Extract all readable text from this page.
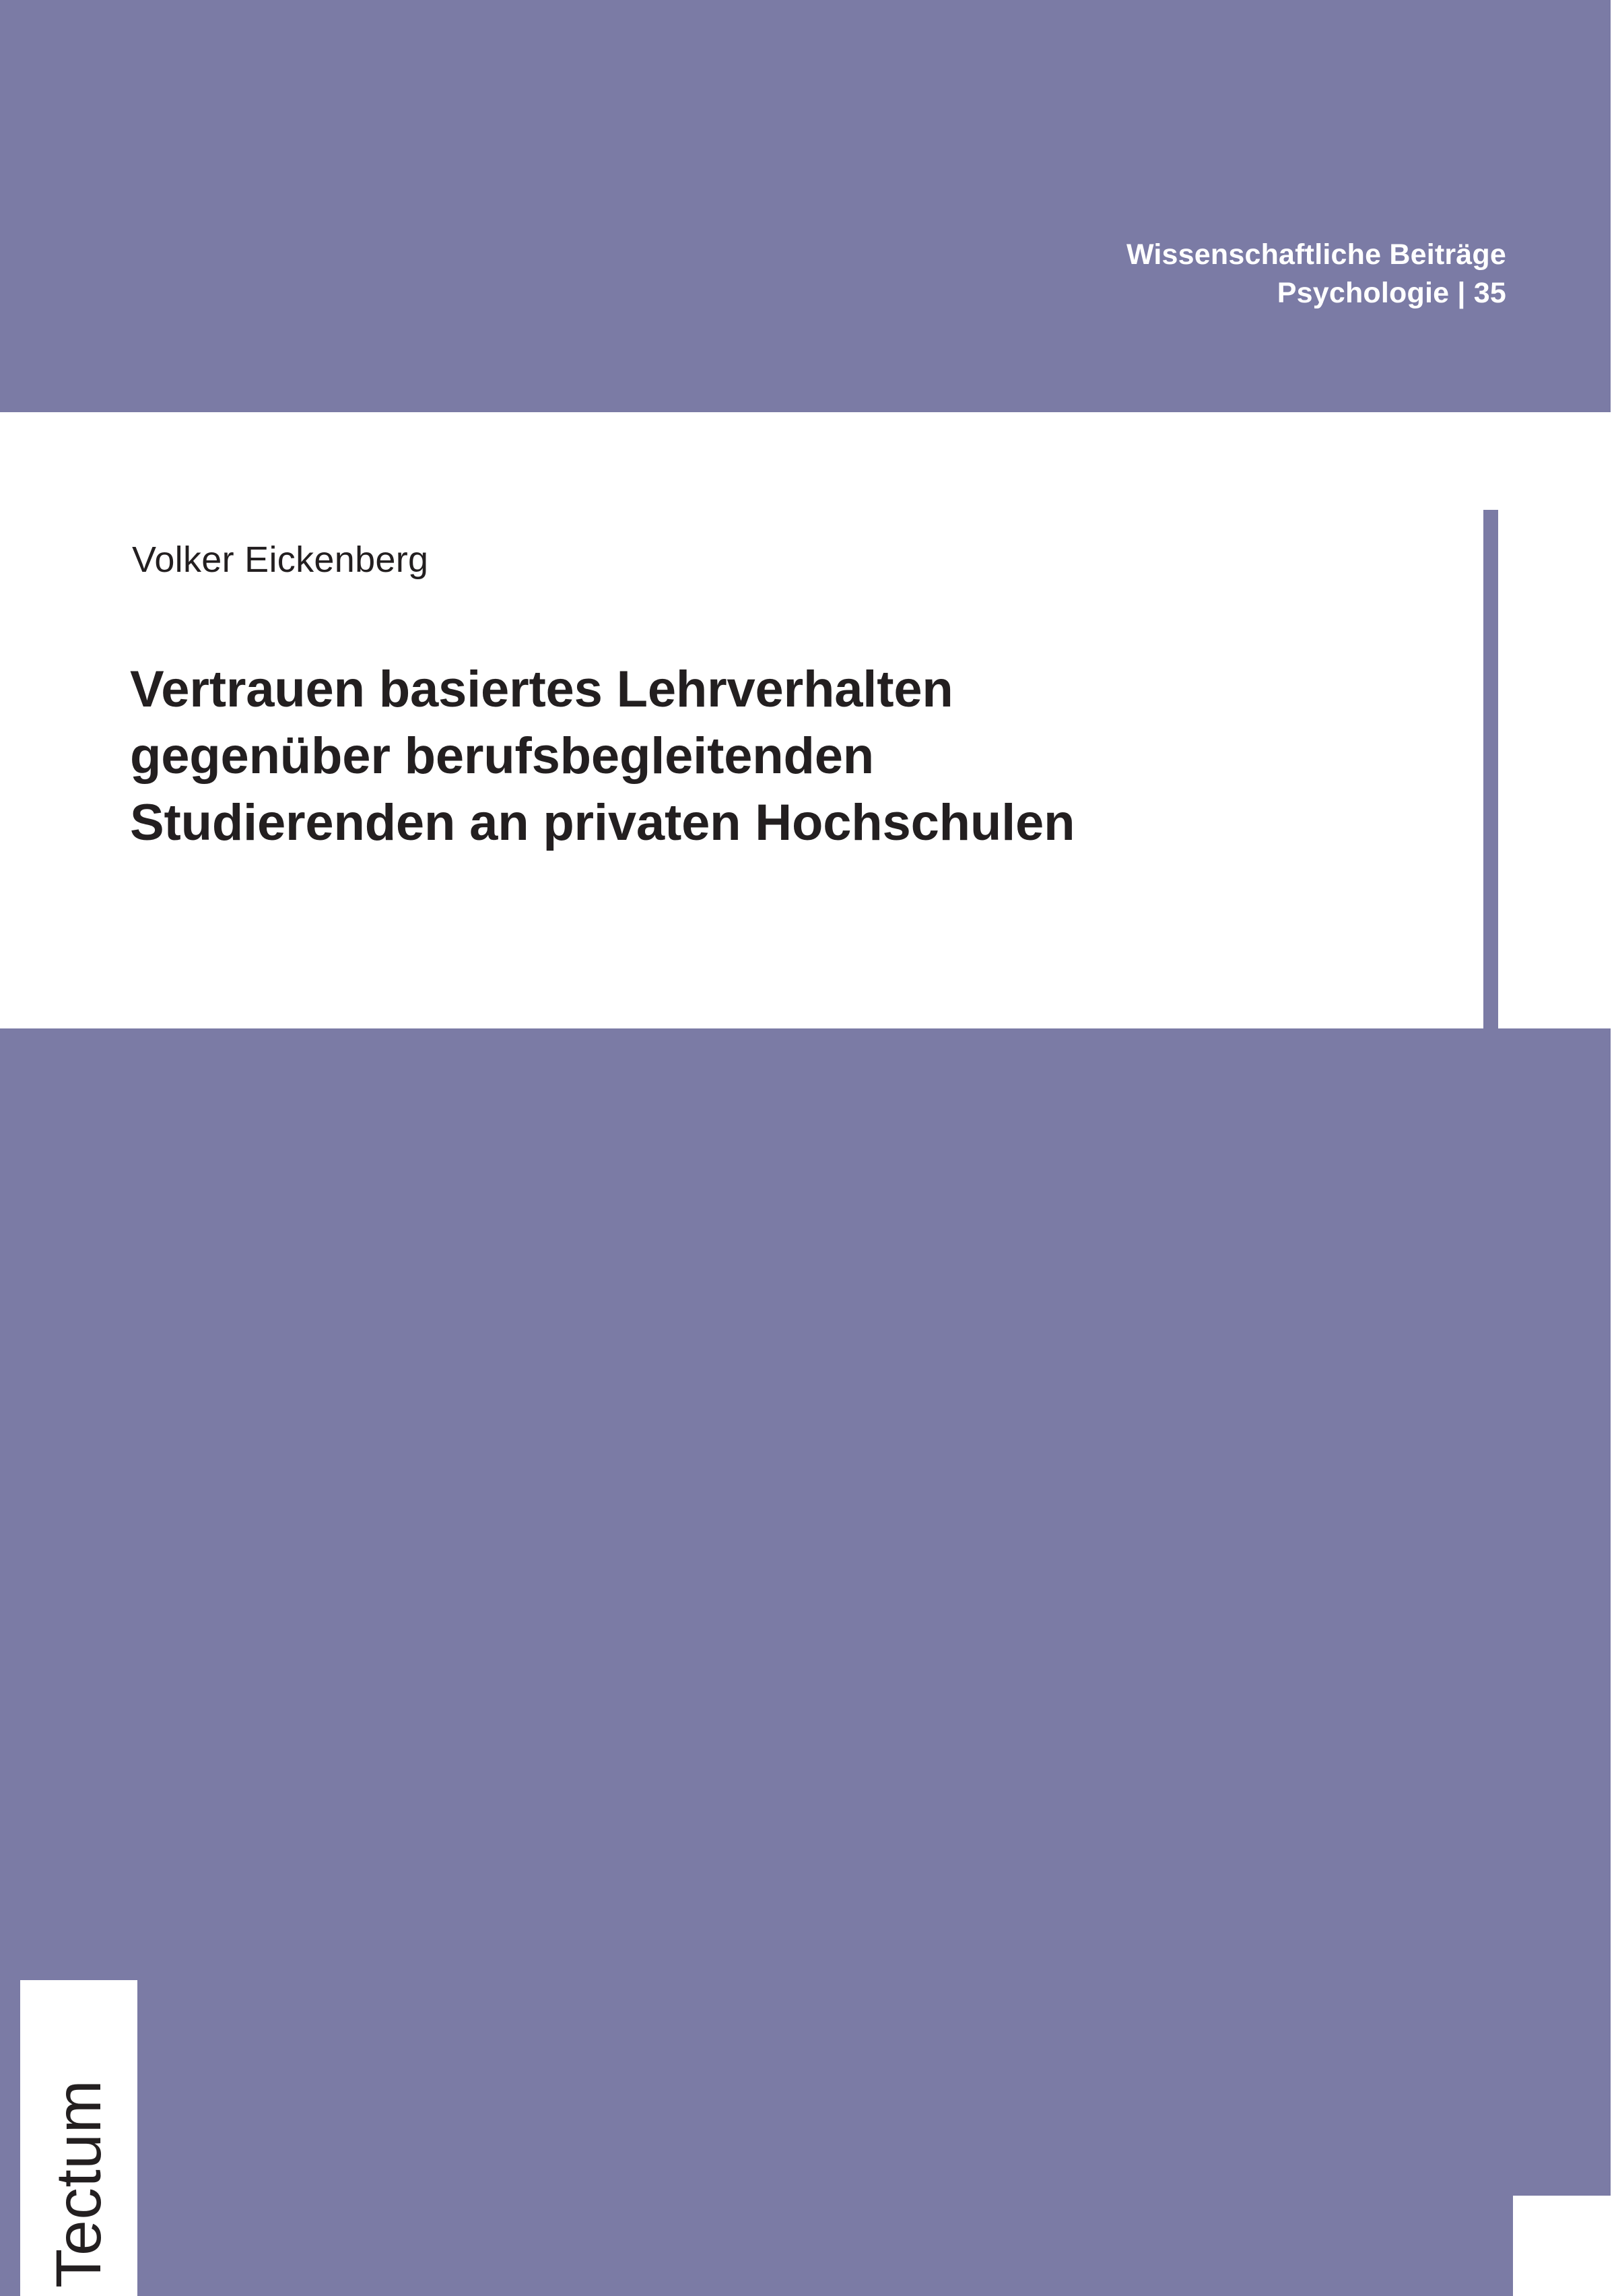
Wissenschaftliche Beiträge
Psychologie | 35
Volker Eickenberg
Vertrauen basiertes Lehrverhalten
gegenüber berufsbegleitenden
Studierenden an privaten Hochschulen
Tectum
